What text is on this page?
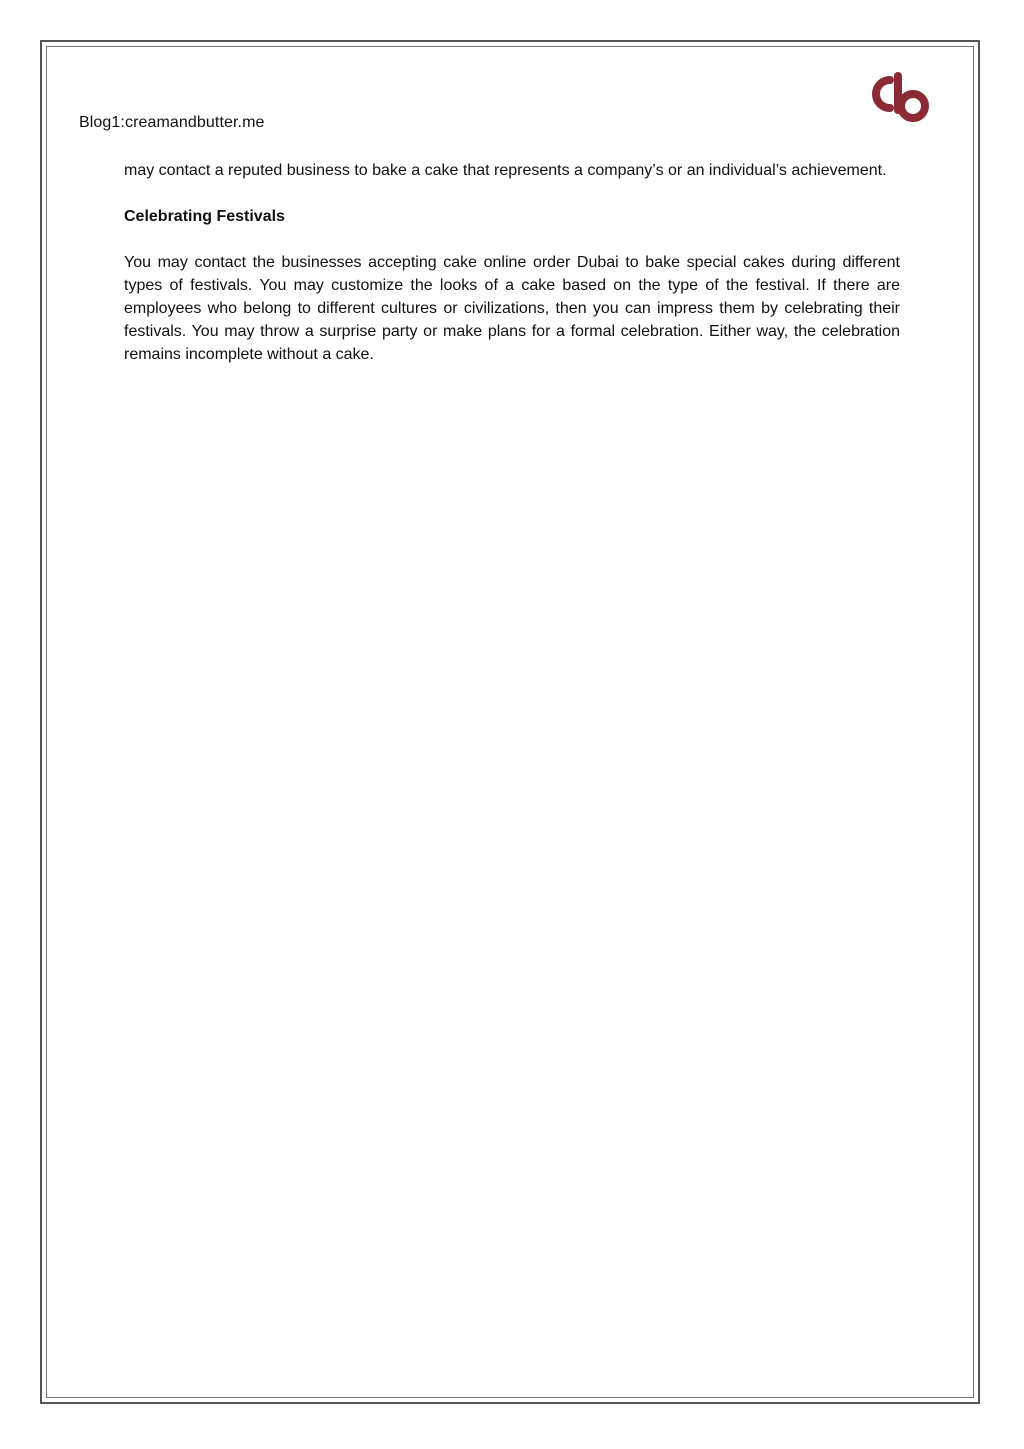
Blog1:creamandbutter.me

may contact a reputed business to bake a cake that represents a company’s or an individual’s achievement.

Celebrating Festivals

You may contact the businesses accepting cake online order Dubai to bake special cakes during different types of festivals. You may customize the looks of a cake based on the type of the festival. If there are employees who belong to different cultures or civilizations, then you can impress them by celebrating their festivals. You may throw a surprise party or make plans for a formal celebration. Either way, the celebration remains incomplete without a cake.
